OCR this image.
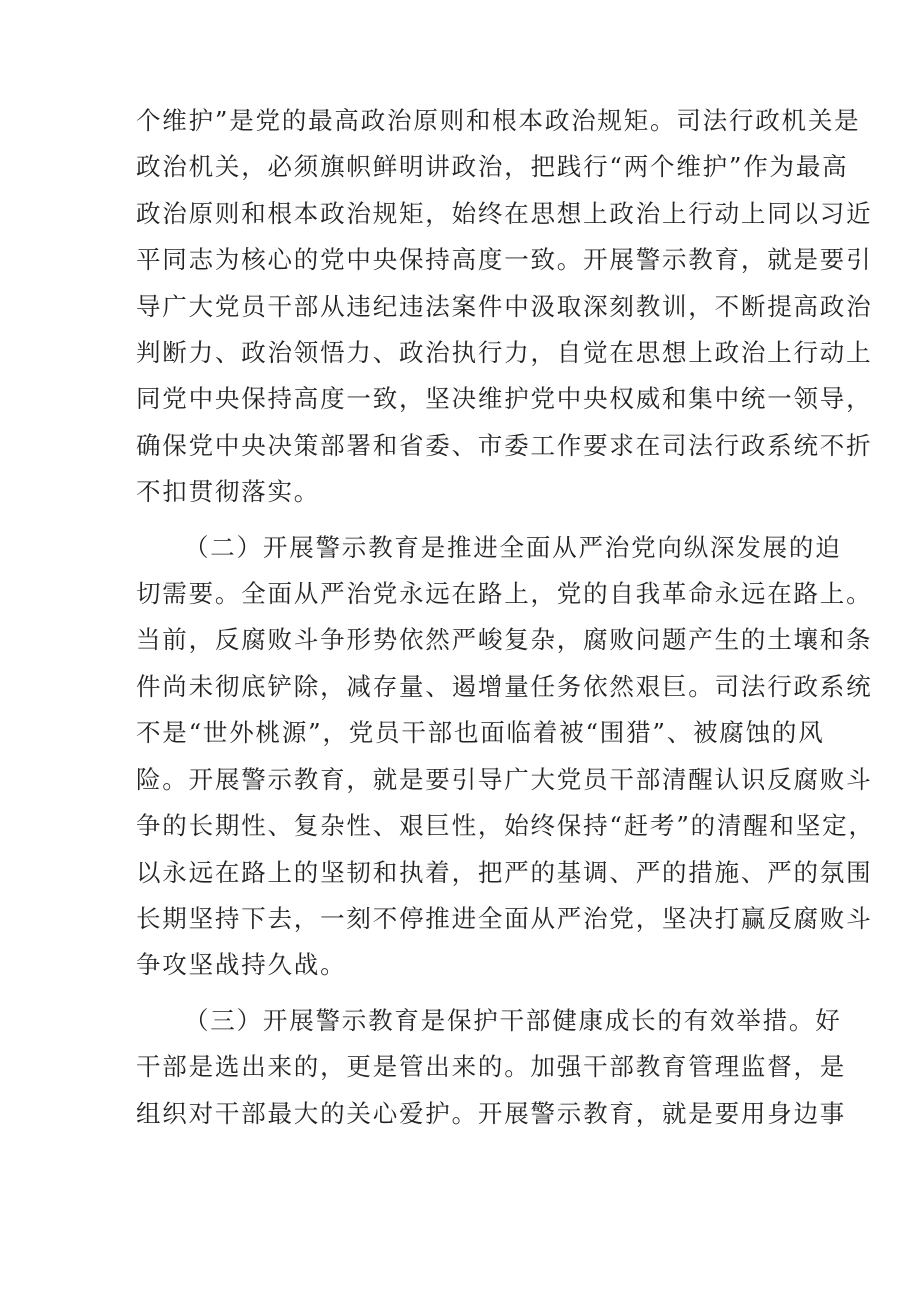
个维护”是党的最高政治原则和根本政治规矩。司法行政机关是
政治机关，必须旗帜鲜明讲政治，把践行“两个维护”作为最高
政治原则和根本政治规矩，始终在思想上政治上行动上同以习近
平同志为核心的党中央保持高度一致。开展警示教育，就是要引
导广大党员干部从违纪违法案件中汲取深刻教训，不断提高政治
判断力、政治领悟力、政治执行力，自觉在思想上政治上行动上
同党中央保持高度一致，坚决维护党中央权威和集中统一领导，
确保党中央决策部署和省委、市委工作要求在司法行政系统不折
不扣贯彻落实。
（二）开展警示教育是推进全面从严治党向纵深发展的迫
切需要。全面从严治党永远在路上，党的自我革命永远在路上。
当前，反腐败斗争形势依然严峻复杂，腐败问题产生的土壤和条
件尚未彻底铲除，减存量、遏增量任务依然艰巨。司法行政系统
不是“世外桃源”，党员干部也面临着被“围猎”、被腐蚀的风
险。开展警示教育，就是要引导广大党员干部清醒认识反腐败斗
争的长期性、复杂性、艰巨性，始终保持“赶考”的清醒和坚定，
以永远在路上的坚韧和执着，把严的基调、严的措施、严的氛围
长期坚持下去，一刻不停推进全面从严治党，坚决打赢反腐败斗
争攻坚战持久战。
（三）开展警示教育是保护干部健康成长的有效举措。好
干部是选出来的，更是管出来的。加强干部教育管理监督，是
组织对干部最大的关心爱护。开展警示教育，就是要用身边事
